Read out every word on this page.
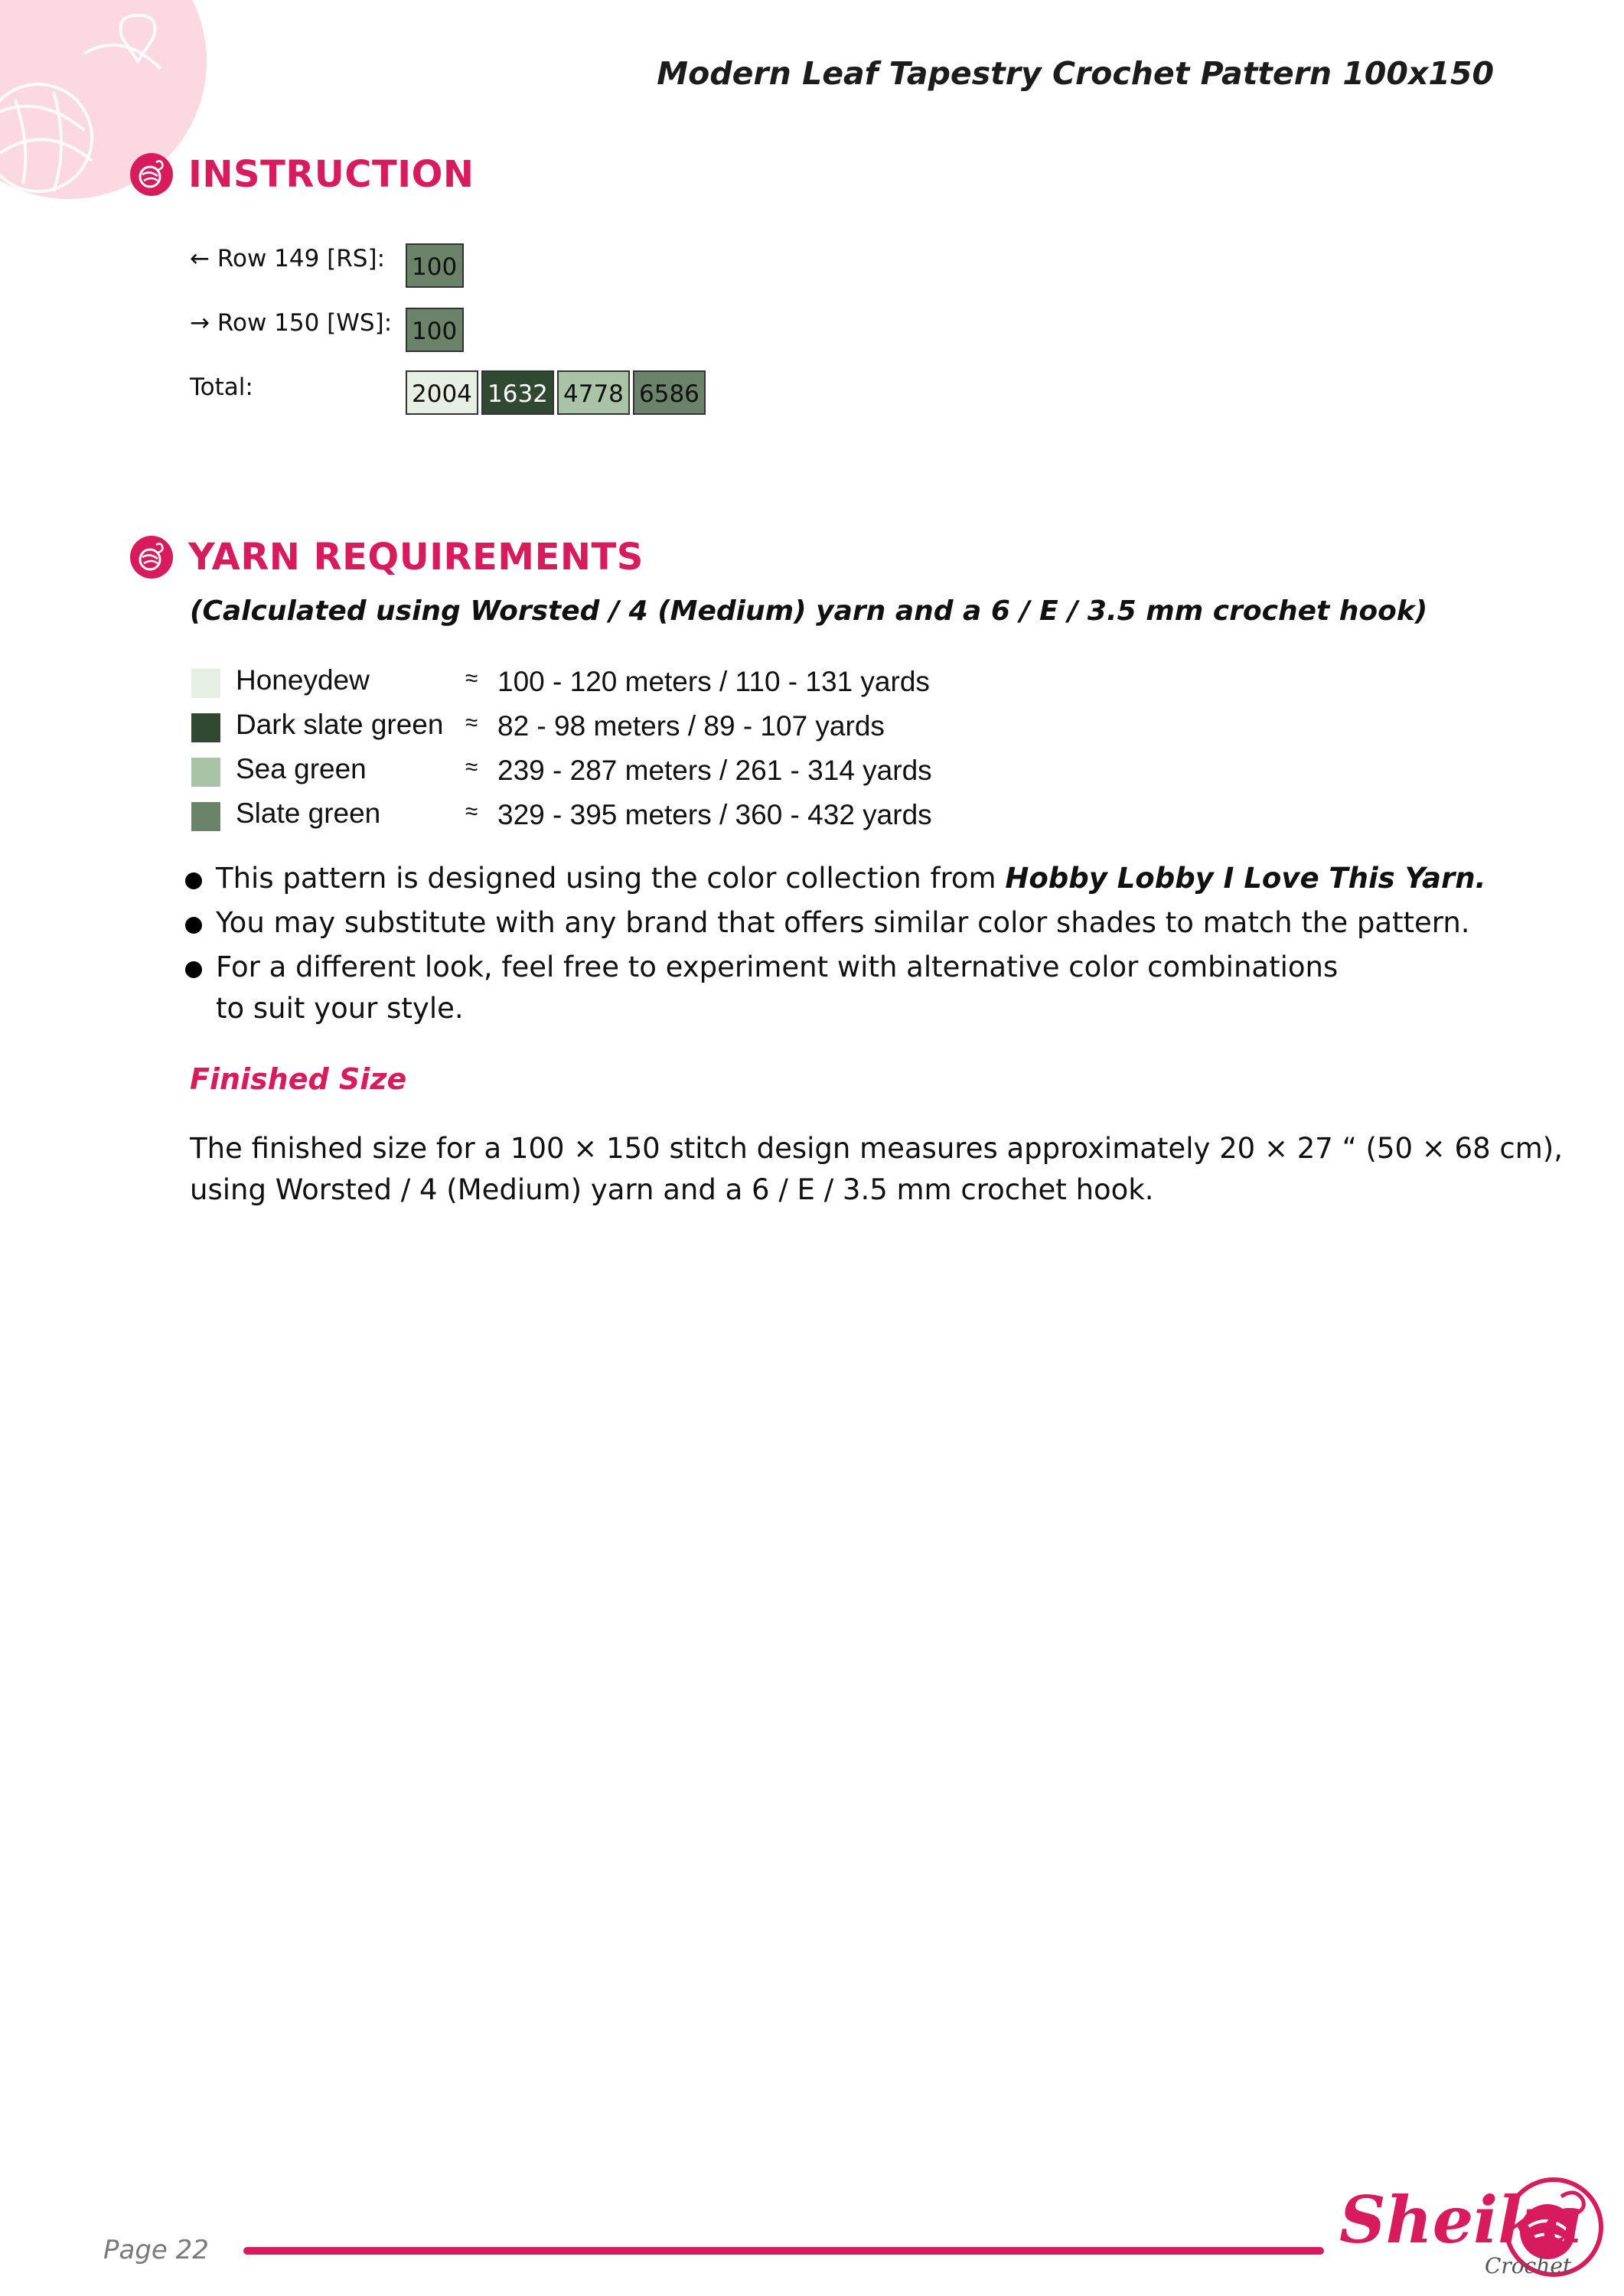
Modern Leaf Tapestry Crochet Pattern 100x150
INSTRUCTION
← Row 149 [RS]: 100
→ Row 150 [WS]: 100
Total:	2004 1632 4778 6586
YARN REQUIREMENTS
(Calculated using Worsted / 4 (Medium) yarn and a 6 / E / 3.5 mm crochet hook)
Honeydew	≈ 100 - 120 meters / 110 - 131 yards
Dark slate green ≈ 82 - 98 meters / 89 - 107 yards
Sea green	≈ 239 - 287 meters / 261 - 314 yards
Slate green	≈ 329 - 395 meters / 360 - 432 yards
This pattern is designed using the color collection from Hobby Lobby I Love This Yarn.
You may substitute with any brand that offers similar color shades to match the pattern.
For a different look, feel free to experiment with alternative color combinations
to suit your style.
Finished Size
The finished size for a 100 × 150 stitch design measures approximately 20 × 27 “ (50 × 68 cm),
using Worsted / 4 (Medium) yarn and a 6 / E / 3.5 mm crochet hook.
Page 22	Sheika
Crochet
